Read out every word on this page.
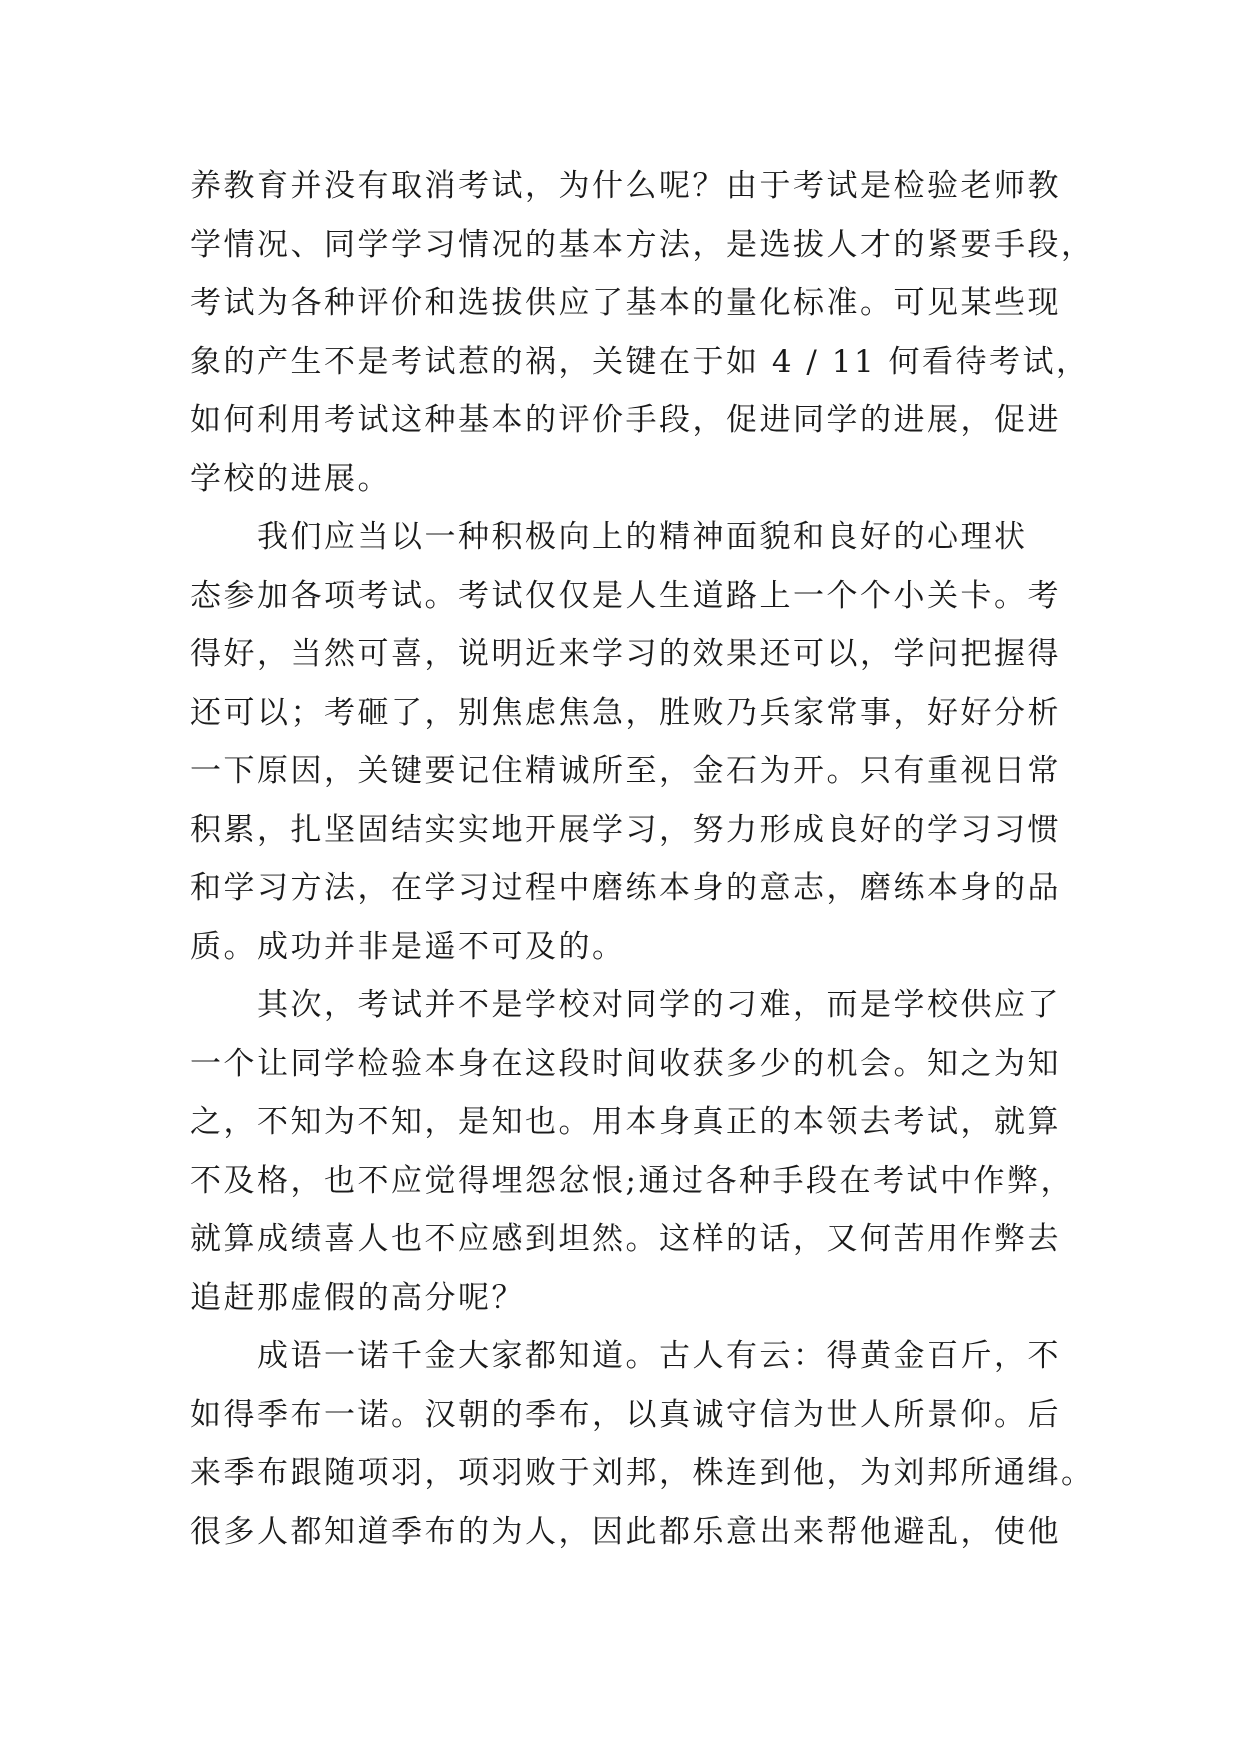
养教育并没有取消考试，为什么呢？由于考试是检验老师教
学情况、同学学习情况的基本方法，是选拔人才的紧要手段，
考试为各种评价和选拔供应了基本的量化标准。可见某些现
象的产生不是考试惹的祸，关键在于如 4 / 11 何看待考试，
如何利用考试这种基本的评价手段，促进同学的进展，促进
学校的进展。
　　我们应当以一种积极向上的精神面貌和良好的心理状
态参加各项考试。考试仅仅是人生道路上一个个小关卡。考
得好，当然可喜，说明近来学习的效果还可以，学问把握得
还可以；考砸了，别焦虑焦急，胜败乃兵家常事，好好分析
一下原因，关键要记住精诚所至，金石为开。只有重视日常
积累，扎坚固结实实地开展学习，努力形成良好的学习习惯
和学习方法，在学习过程中磨练本身的意志，磨练本身的品
质。成功并非是遥不可及的。
　　其次，考试并不是学校对同学的刁难，而是学校供应了
一个让同学检验本身在这段时间收获多少的机会。知之为知
之，不知为不知，是知也。用本身真正的本领去考试，就算
不及格，也不应觉得埋怨忿恨;通过各种手段在考试中作弊，
就算成绩喜人也不应感到坦然。这样的话，又何苦用作弊去
追赶那虚假的高分呢？
　　成语一诺千金大家都知道。古人有云：得黄金百斤，不
如得季布一诺。汉朝的季布，以真诚守信为世人所景仰。后
来季布跟随项羽，项羽败于刘邦，株连到他，为刘邦所通缉。
很多人都知道季布的为人，因此都乐意出来帮他避乱，使他
